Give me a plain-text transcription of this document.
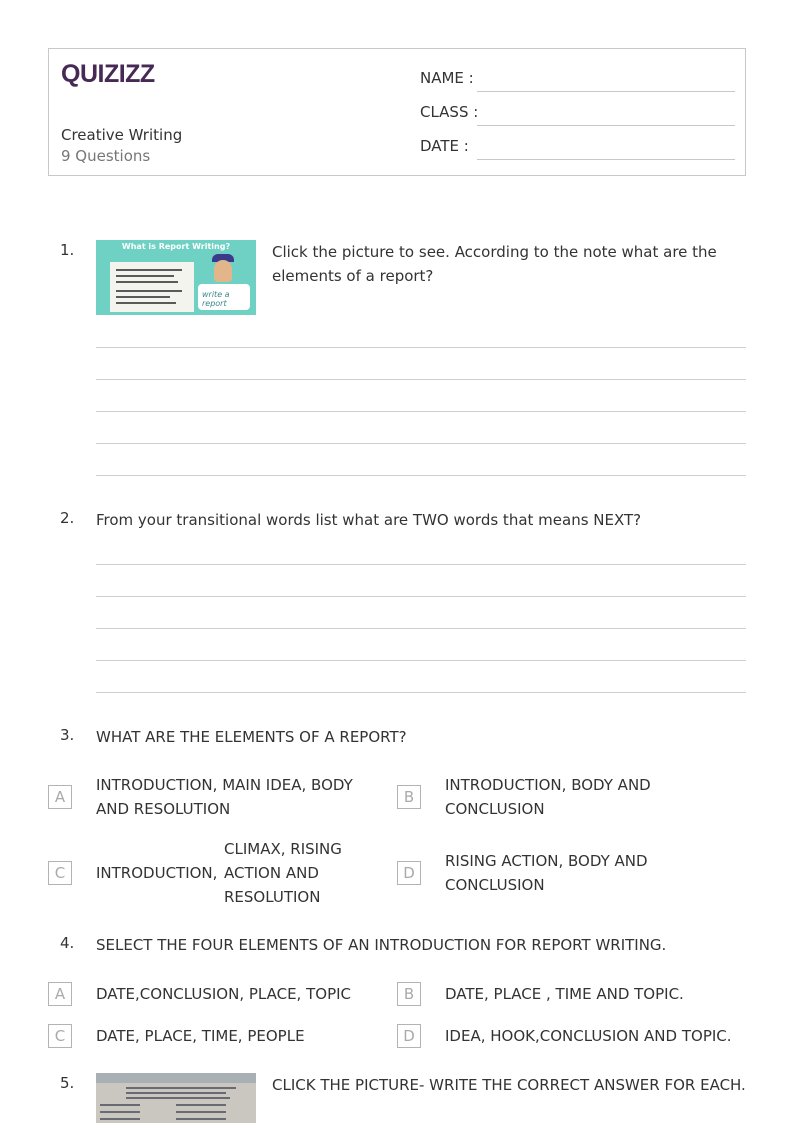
QUIZIZZ
Creative Writing
9 Questions
NAME :
CLASS :
DATE :
1.	What is Report Writing?
write a report
Click the picture to see. According to the note what are the elements of a report?
2. From your transitional words list what are TWO words that means NEXT?
3. WHAT ARE THE ELEMENTS OF A REPORT?
A
INTRODUCTION, MAIN IDEA, BODY AND RESOLUTION
B
INTRODUCTION, BODY AND CONCLUSION
C	INTRODUCTION,
CLIMAX, RISING ACTION AND RESOLUTION
D
RISING ACTION, BODY AND CONCLUSION
4. SELECT THE FOUR ELEMENTS OF AN INTRODUCTION FOR REPORT WRITING.
A	DATE,CONCLUSION, PLACE, TOPIC	B	DATE, PLACE , TIME AND TOPIC.
C	DATE, PLACE, TIME, PEOPLE	D	IDEA, HOOK,CONCLUSION AND TOPIC.
5.	CLICK THE PICTURE- WRITE THE CORRECT ANSWER FOR EACH.
